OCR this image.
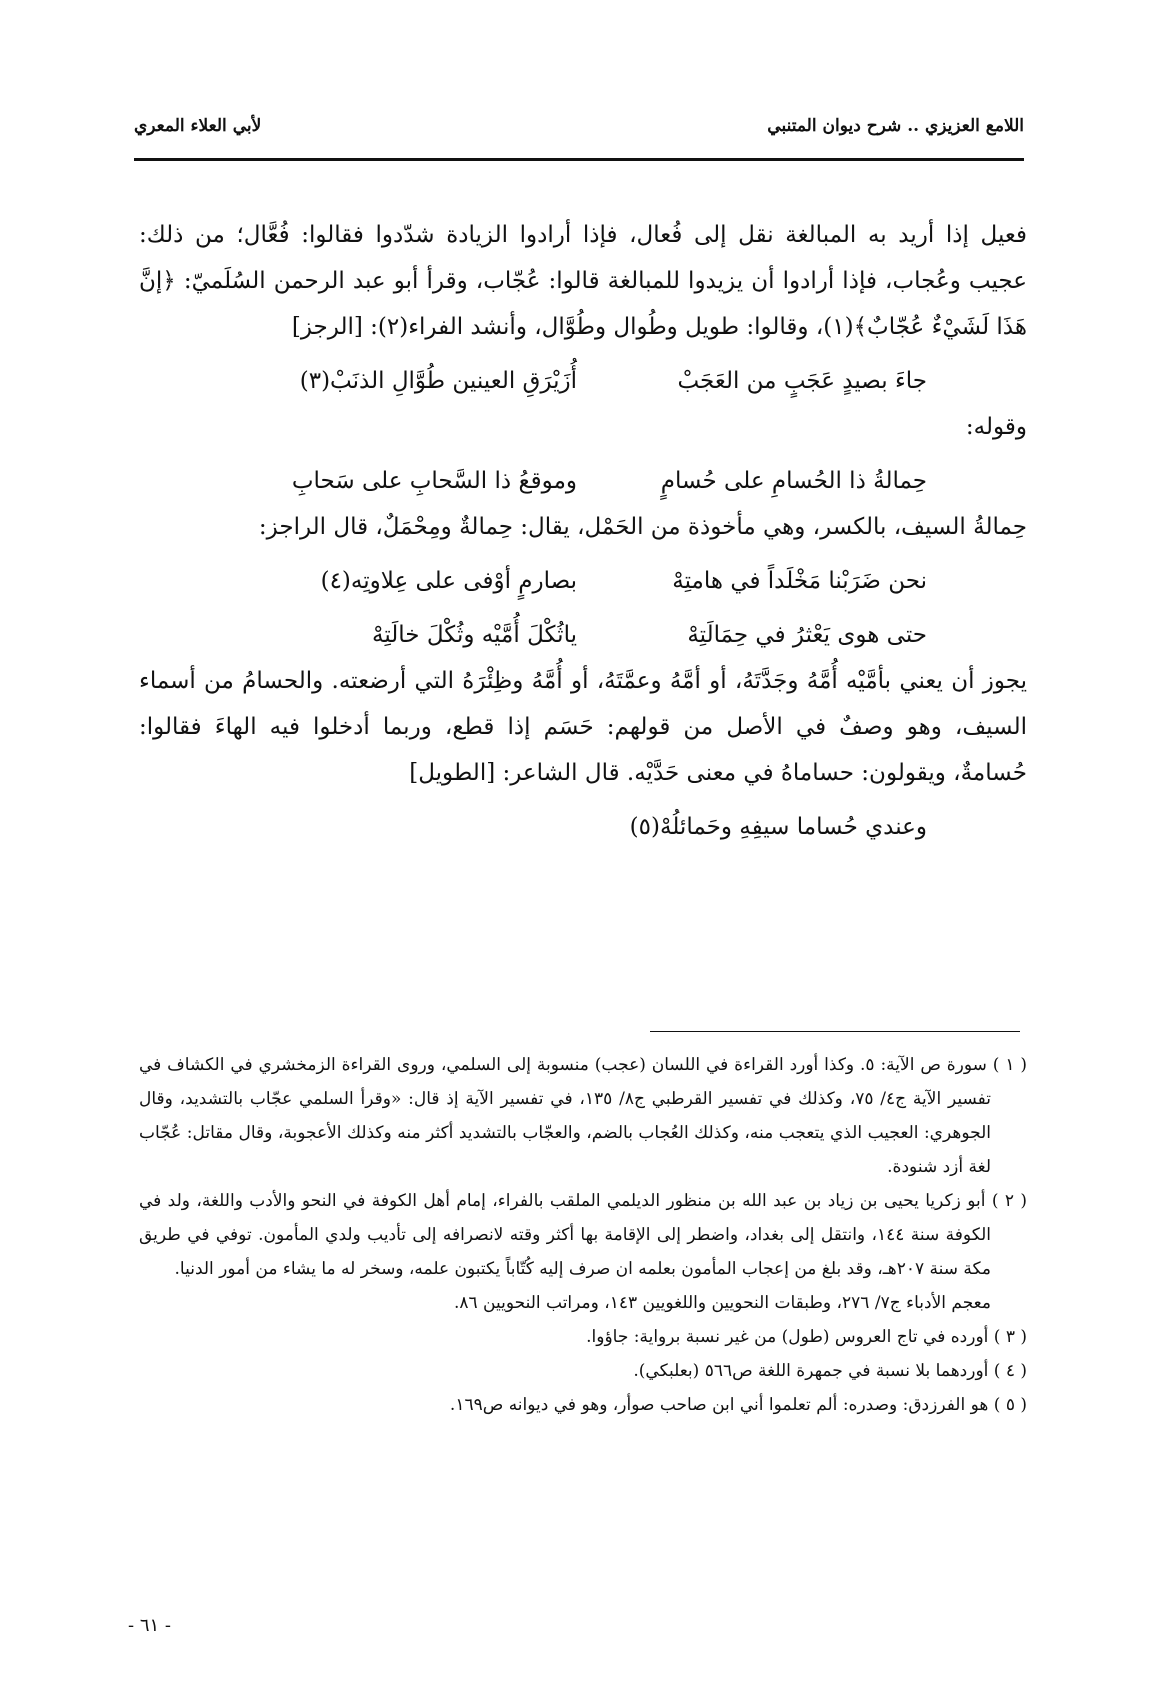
اللامع العزيزي .. شرح ديوان المتنبي
لأبي العلاء المعري

فعيل إذا أريد به المبالغة نقل إلى فُعال، فإذا أرادوا الزيادة شدّدوا فقالوا: فُعَّال؛ من ذلك: عجيب وعُجاب، فإذا أرادوا أن يزيدوا للمبالغة قالوا: عُجّاب، وقرأ أبو عبد الرحمن السُلَميّ: ﴿إنَّ هَذَا لَشَيْءٌ عُجّابٌ﴾(١)، وقالوا: طويل وطُوال وطُوَّال، وأنشد الفراء(٢): [الرجز]

جاءَ بصيدٍ عَجَبٍ من العَجَبْ
أُزَيْرَقِ العينين طُوَّالِ الذنَبْ(٣)

وقوله:

حِمالةُ ذا الحُسامِ على حُسامٍ
وموقعُ ذا السَّحابِ على سَحابِ

حِمالةُ السيف، بالكسر، وهي مأخوذة من الحَمْل، يقال: حِمالةٌ ومِحْمَلٌ، قال الراجز:

نحن ضَرَبْنا مَخْلَداً في هامتِهْ
بصارمٍ أوْفى على عِلاوتِه(٤)
حتى هوى يَعْثرُ في حِمَالَتِهْ
ياثُكْلَ أُمَّيْه وثُكْلَ خالَتِهْ

يجوز أن يعني بأمَّيْه أُمَّهُ وجَدَّتَهُ، أو أمَّهُ وعمَّتَهُ، أو أُمَّهُ وظِئْرَهُ التي أرضعته. والحسامُ من أسماء السيف، وهو وصفٌ في الأصل من قولهم: حَسَم إذا قطع، وربما أدخلوا فيه الهاءَ فقالوا: حُسامةٌ، ويقولون: حساماهُ في معنى حَدَّيْه. قال الشاعر: [الطويل]

وعندي حُساما سيفِهِ وحَمائلُهْ(٥)

( ١ ) سورة ص الآية: ٥. وكذا أورد القراءة في اللسان (عجب) منسوبة إلى السلمي، وروى القراءة الزمخشري في الكشاف في تفسير الآية ج٤/ ٧٥، وكذلك في تفسير القرطبي ج٨/ ١٣٥، في تفسير الآية إذ قال: «وقرأ السلمي عجّاب بالتشديد، وقال الجوهري: العجيب الذي يتعجب منه، وكذلك العُجاب بالضم، والعجّاب بالتشديد أكثر منه وكذلك الأعجوبة، وقال مقاتل: عُجّاب لغة أزد شنودة.

( ٢ ) أبو زكريا يحيى بن زياد بن عبد الله بن منظور الديلمي الملقب بالفراء، إمام أهل الكوفة في النحو والأدب واللغة، ولد في الكوفة سنة ١٤٤، وانتقل إلى بغداد، واضطر إلى الإقامة بها أكثر وقته لانصرافه إلى تأديب ولدي المأمون. توفي في طريق مكة سنة ٢٠٧هـ، وقد بلغ من إعجاب المأمون بعلمه ان صرف إليه كُتّاباً يكتبون علمه، وسخر له ما يشاء من أمور الدنيا.

معجم الأدباء ج٧/ ٢٧٦، وطبقات النحويين واللغويين ١٤٣، ومراتب النحويين ٨٦.

( ٣ ) أورده في تاج العروس (طول) من غير نسبة برواية: جاؤوا.

( ٤ ) أوردهما بلا نسبة في جمهرة اللغة ص٥٦٦ (بعلبكي).

( ٥ ) هو الفرزدق: وصدره: ألم تعلموا أني ابن صاحب صوأر، وهو في ديوانه ص١٦٩.

- ٦١ -
